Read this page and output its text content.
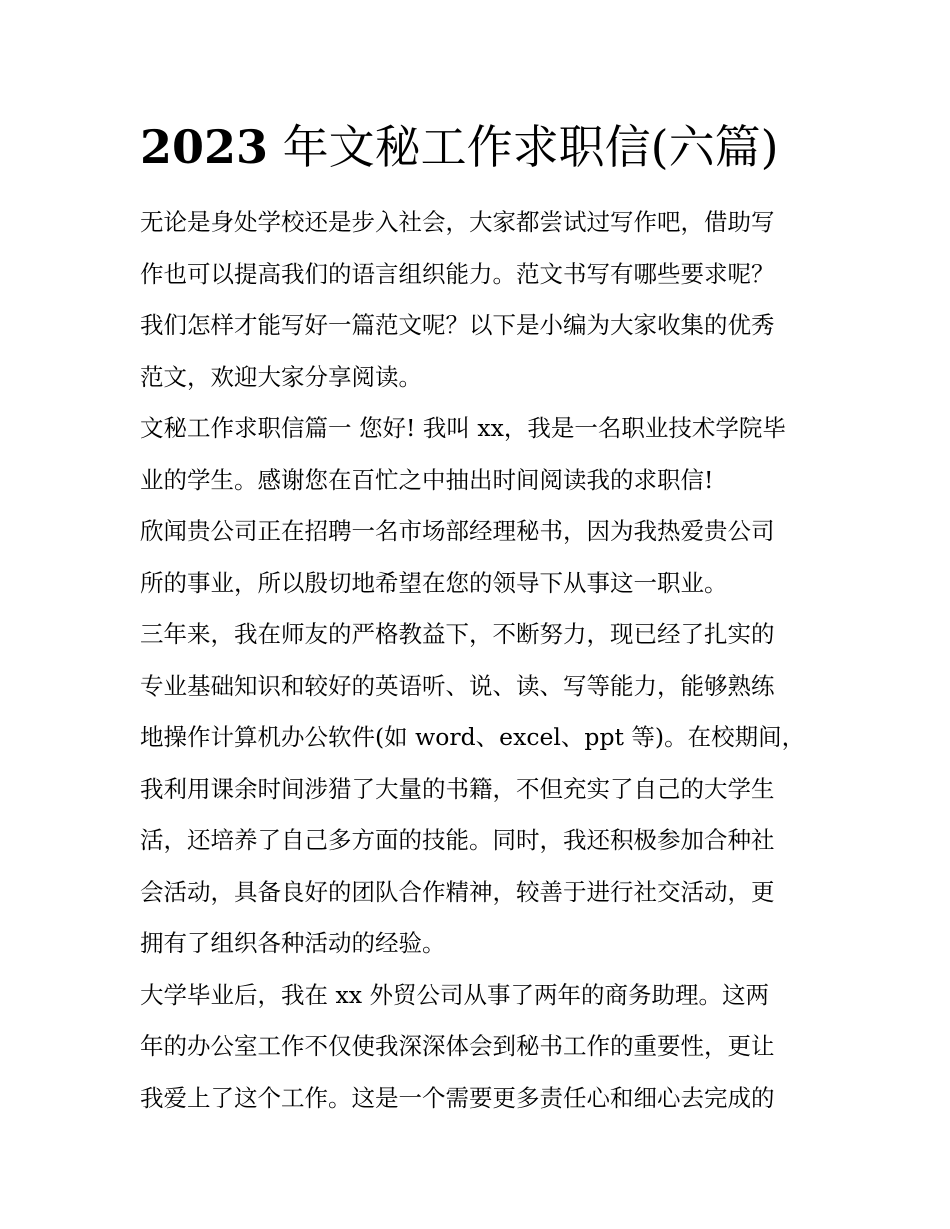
2023 年文秘工作求职信(六篇)
无论是身处学校还是步入社会，大家都尝试过写作吧，借助写
作也可以提高我们的语言组织能力。范文书写有哪些要求呢？
我们怎样才能写好一篇范文呢？以下是小编为大家收集的优秀
范文，欢迎大家分享阅读。
文秘工作求职信篇一 您好! 我叫 xx，我是一名职业技术学院毕
业的学生。感谢您在百忙之中抽出时间阅读我的求职信!
欣闻贵公司正在招聘一名市场部经理秘书，因为我热爱贵公司
所的事业，所以殷切地希望在您的领导下从事这一职业。
三年来，我在师友的严格教益下，不断努力，现已经了扎实的
专业基础知识和较好的英语听、说、读、写等能力，能够熟练
地操作计算机办公软件(如 word、excel、ppt 等)。在校期间，
我利用课余时间涉猎了大量的书籍，不但充实了自己的大学生
活，还培养了自己多方面的技能。同时，我还积极参加合种社
会活动，具备良好的团队合作精神，较善于进行社交活动，更
拥有了组织各种活动的经验。
大学毕业后，我在 xx 外贸公司从事了两年的商务助理。这两
年的办公室工作不仅使我深深体会到秘书工作的重要性，更让
我爱上了这个工作。这是一个需要更多责任心和细心去完成的
